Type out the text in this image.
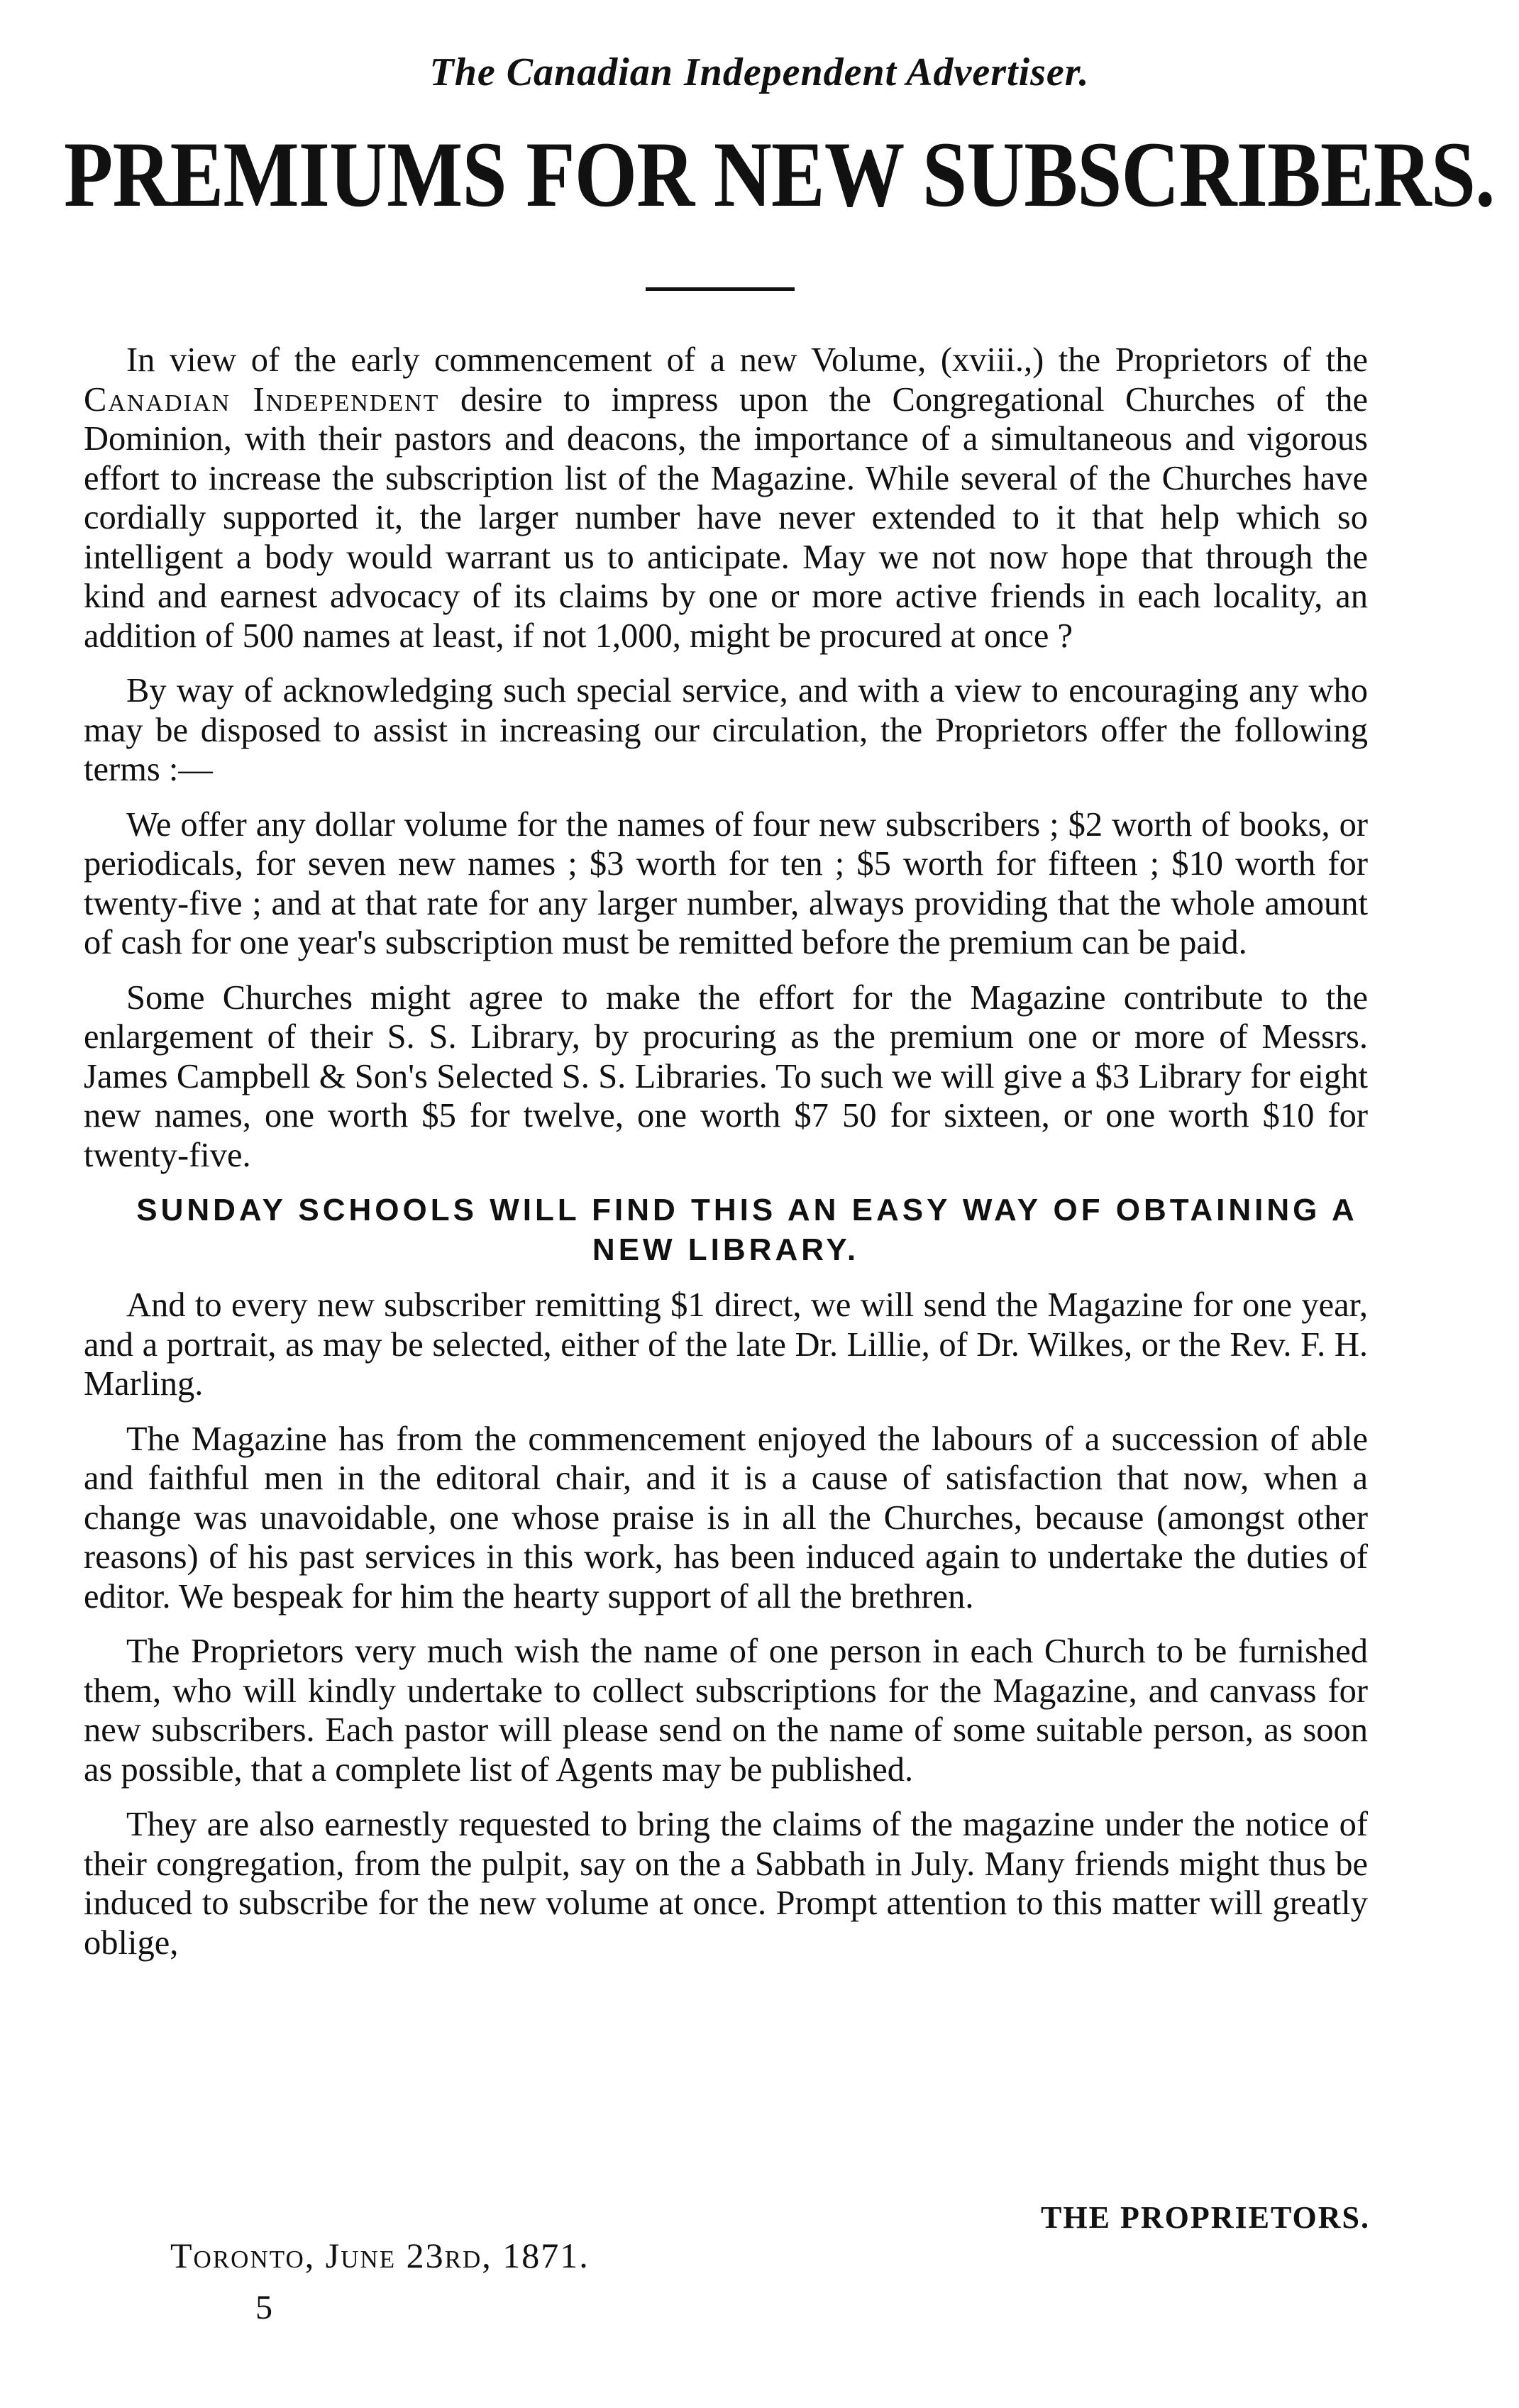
The Canadian Independent Advertiser.

PREMIUMS FOR NEW SUBSCRIBERS.

In view of the early commencement of a new Volume, (xviii.,) the Proprietors of the Canadian Independent desire to impress upon the Congregational Churches of the Dominion, with their pastors and deacons, the importance of a simultaneous and vigorous effort to increase the subscription list of the Magazine. While several of the Churches have cordially supported it, the larger number have never extended to it that help which so intelligent a body would warrant us to anticipate. May we not now hope that through the kind and earnest advocacy of its claims by one or more active friends in each locality, an addition of 500 names at least, if not 1,000, might be procured at once ?

By way of acknowledging such special service, and with a view to encouraging any who may be disposed to assist in increasing our circulation, the Proprietors offer the following terms :—

We offer any dollar volume for the names of four new subscribers ; $2 worth of books, or periodicals, for seven new names ; $3 worth for ten ; $5 worth for fifteen ; $10 worth for twenty-five ; and at that rate for any larger number, always providing that the whole amount of cash for one year's subscription must be remitted before the premium can be paid.

Some Churches might agree to make the effort for the Magazine contribute to the enlargement of their S. S. Library, by procuring as the premium one or more of Messrs. James Campbell & Son's Selected S. S. Libraries. To such we will give a $3 Library for eight new names, one worth $5 for twelve, one worth $7 50 for sixteen, or one worth $10 for twenty-five.

SUNDAY SCHOOLS WILL FIND THIS AN EASY WAY OF OBTAINING A NEW LIBRARY.

And to every new subscriber remitting $1 direct, we will send the Magazine for one year, and a portrait, as may be selected, either of the late Dr. Lillie, of Dr. Wilkes, or the Rev. F. H. Marling.

The Magazine has from the commencement enjoyed the labours of a succession of able and faithful men in the editoral chair, and it is a cause of satisfaction that now, when a change was unavoidable, one whose praise is in all the Churches, because (amongst other reasons) of his past services in this work, has been induced again to undertake the duties of editor. We bespeak for him the hearty support of all the brethren.

The Proprietors very much wish the name of one person in each Church to be furnished them, who will kindly undertake to collect subscriptions for the Magazine, and canvass for new subscribers. Each pastor will please send on the name of some suitable person, as soon as possible, that a complete list of Agents may be published.

They are also earnestly requested to bring the claims of the magazine under the notice of their congregation, from the pulpit, say on the a Sabbath in July. Many friends might thus be induced to subscribe for the new volume at once. Prompt attention to this matter will greatly oblige,

THE PROPRIETORS.
Toronto, June 23rd, 1871.
5
